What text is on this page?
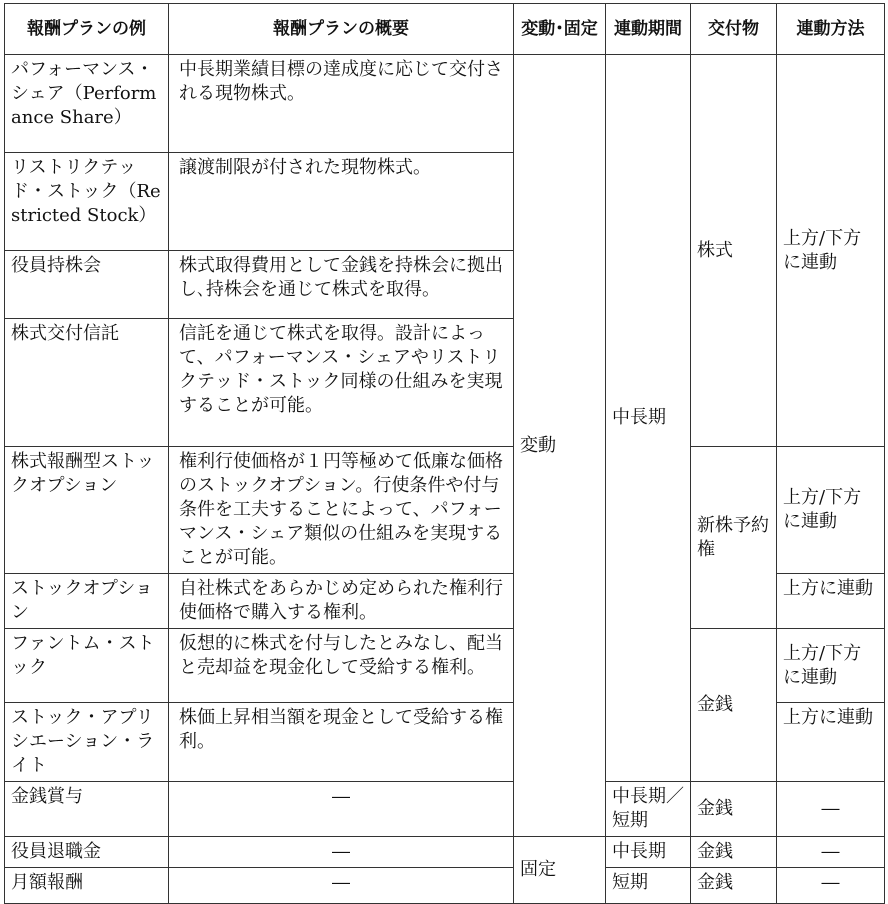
報酬プランの例	報酬プランの概要	変動･固定	連動期間	交付物	連動方法
パフォーマンス・シェア（Performance Share）	中長期業績目標の達成度に応じて交付される現物株式。	変動	中長期	株式	上方/下方に連動
リストリクテッド・ストック（Restricted Stock）	譲渡制限が付された現物株式。				
役員持株会	株式取得費用として金銭を持株会に拠出し､持株会を通じて株式を取得。				
株式交付信託	信託を通じて株式を取得。設計によって、パフォーマンス・シェアやリストリクテッド・ストック同様の仕組みを実現することが可能。				
株式報酬型ストックオプション	権利行使価格が１円等極めて低廉な価格のストックオプション。行使条件や付与条件を工夫することによって、パフォーマンス・シェア類似の仕組みを実現することが可能。			新株予約権	上方/下方に連動
ストックオプション	自社株式をあらかじめ定められた権利行使価格で購入する権利。				上方に連動
ファントム・ストック	仮想的に株式を付与したとみなし、配当と売却益を現金化して受給する権利。			金銭	上方/下方に連動
ストック・アプリシエーション・ライト	株価上昇相当額を現金として受給する権利。				上方に連動
金銭賞与	―		中長期／短期	金銭	―
役員退職金	―	固定	中長期	金銭	―
月額報酬	―		短期	金銭	―
